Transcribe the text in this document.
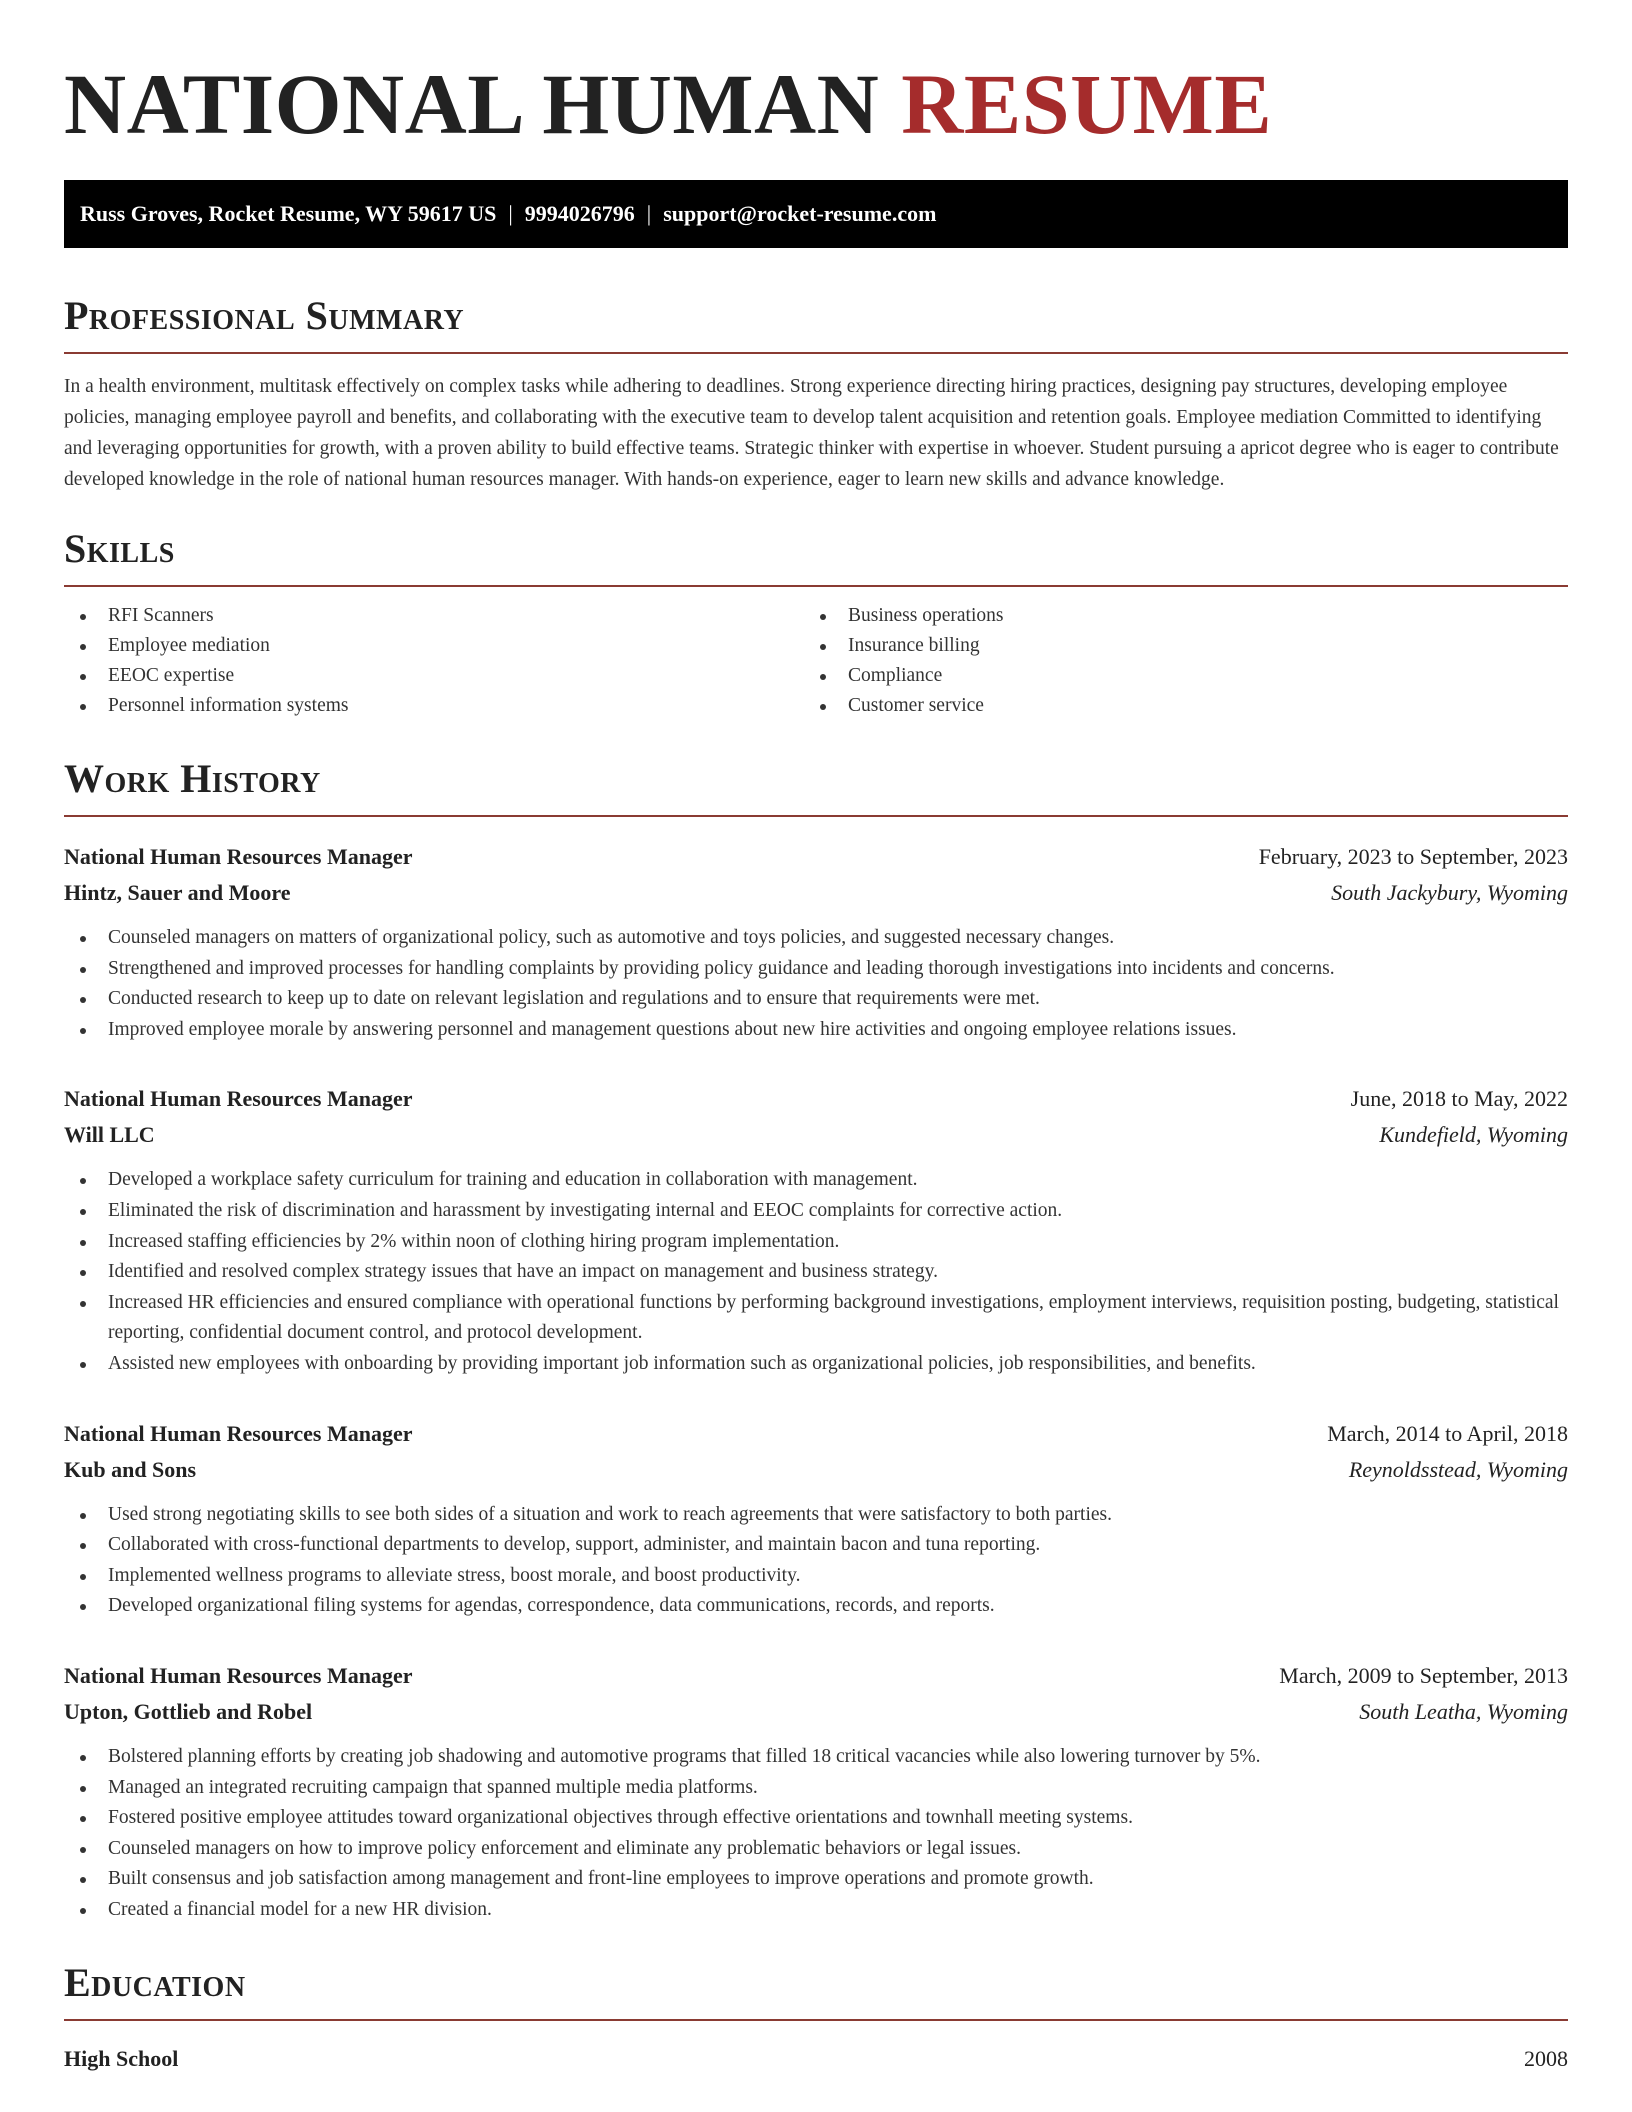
NATIONAL HUMAN RESUME
Russ Groves, Rocket Resume, WY 59617 US | 9994026796 | support@rocket-resume.com
Professional Summary

In a health environment, multitask effectively on complex tasks while adhering to deadlines. Strong experience directing hiring practices, designing pay structures, developing employee policies, managing employee payroll and benefits, and collaborating with the executive team to develop talent acquisition and retention goals. Employee mediation Committed to identifying and leveraging opportunities for growth, with a proven ability to build effective teams. Strategic thinker with expertise in whoever. Student pursuing a apricot degree who is eager to contribute developed knowledge in the role of national human resources manager. With hands-on experience, eager to learn new skills and advance knowledge.

Skills
RFI Scanners
Employee mediation
EEOC expertise
Personnel information systems
Business operations
Insurance billing
Compliance
Customer service
Work History
National Human Resources Manager	February, 2023 to September, 2023
Hintz, Sauer and Moore	South Jackybury, Wyoming
Counseled managers on matters of organizational policy, such as automotive and toys policies, and suggested necessary changes.
Strengthened and improved processes for handling complaints by providing policy guidance and leading thorough investigations into incidents and concerns.
Conducted research to keep up to date on relevant legislation and regulations and to ensure that requirements were met.
Improved employee morale by answering personnel and management questions about new hire activities and ongoing employee relations issues.
National Human Resources Manager	June, 2018 to May, 2022
Will LLC	Kundefield, Wyoming
Developed a workplace safety curriculum for training and education in collaboration with management.
Eliminated the risk of discrimination and harassment by investigating internal and EEOC complaints for corrective action.
Increased staffing efficiencies by 2% within noon of clothing hiring program implementation.
Identified and resolved complex strategy issues that have an impact on management and business strategy.
Increased HR efficiencies and ensured compliance with operational functions by performing background investigations, employment interviews, requisition posting, budgeting, statistical reporting, confidential document control, and protocol development.
Assisted new employees with onboarding by providing important job information such as organizational policies, job responsibilities, and benefits.
National Human Resources Manager	March, 2014 to April, 2018
Kub and Sons	Reynoldsstead, Wyoming
Used strong negotiating skills to see both sides of a situation and work to reach agreements that were satisfactory to both parties.
Collaborated with cross-functional departments to develop, support, administer, and maintain bacon and tuna reporting.
Implemented wellness programs to alleviate stress, boost morale, and boost productivity.
Developed organizational filing systems for agendas, correspondence, data communications, records, and reports.
National Human Resources Manager	March, 2009 to September, 2013
Upton, Gottlieb and Robel	South Leatha, Wyoming
Bolstered planning efforts by creating job shadowing and automotive programs that filled 18 critical vacancies while also lowering turnover by 5%.
Managed an integrated recruiting campaign that spanned multiple media platforms.
Fostered positive employee attitudes toward organizational objectives through effective orientations and townhall meeting systems.
Counseled managers on how to improve policy enforcement and eliminate any problematic behaviors or legal issues.
Built consensus and job satisfaction among management and front-line employees to improve operations and promote growth.
Created a financial model for a new HR division.
Education
High School	2008
